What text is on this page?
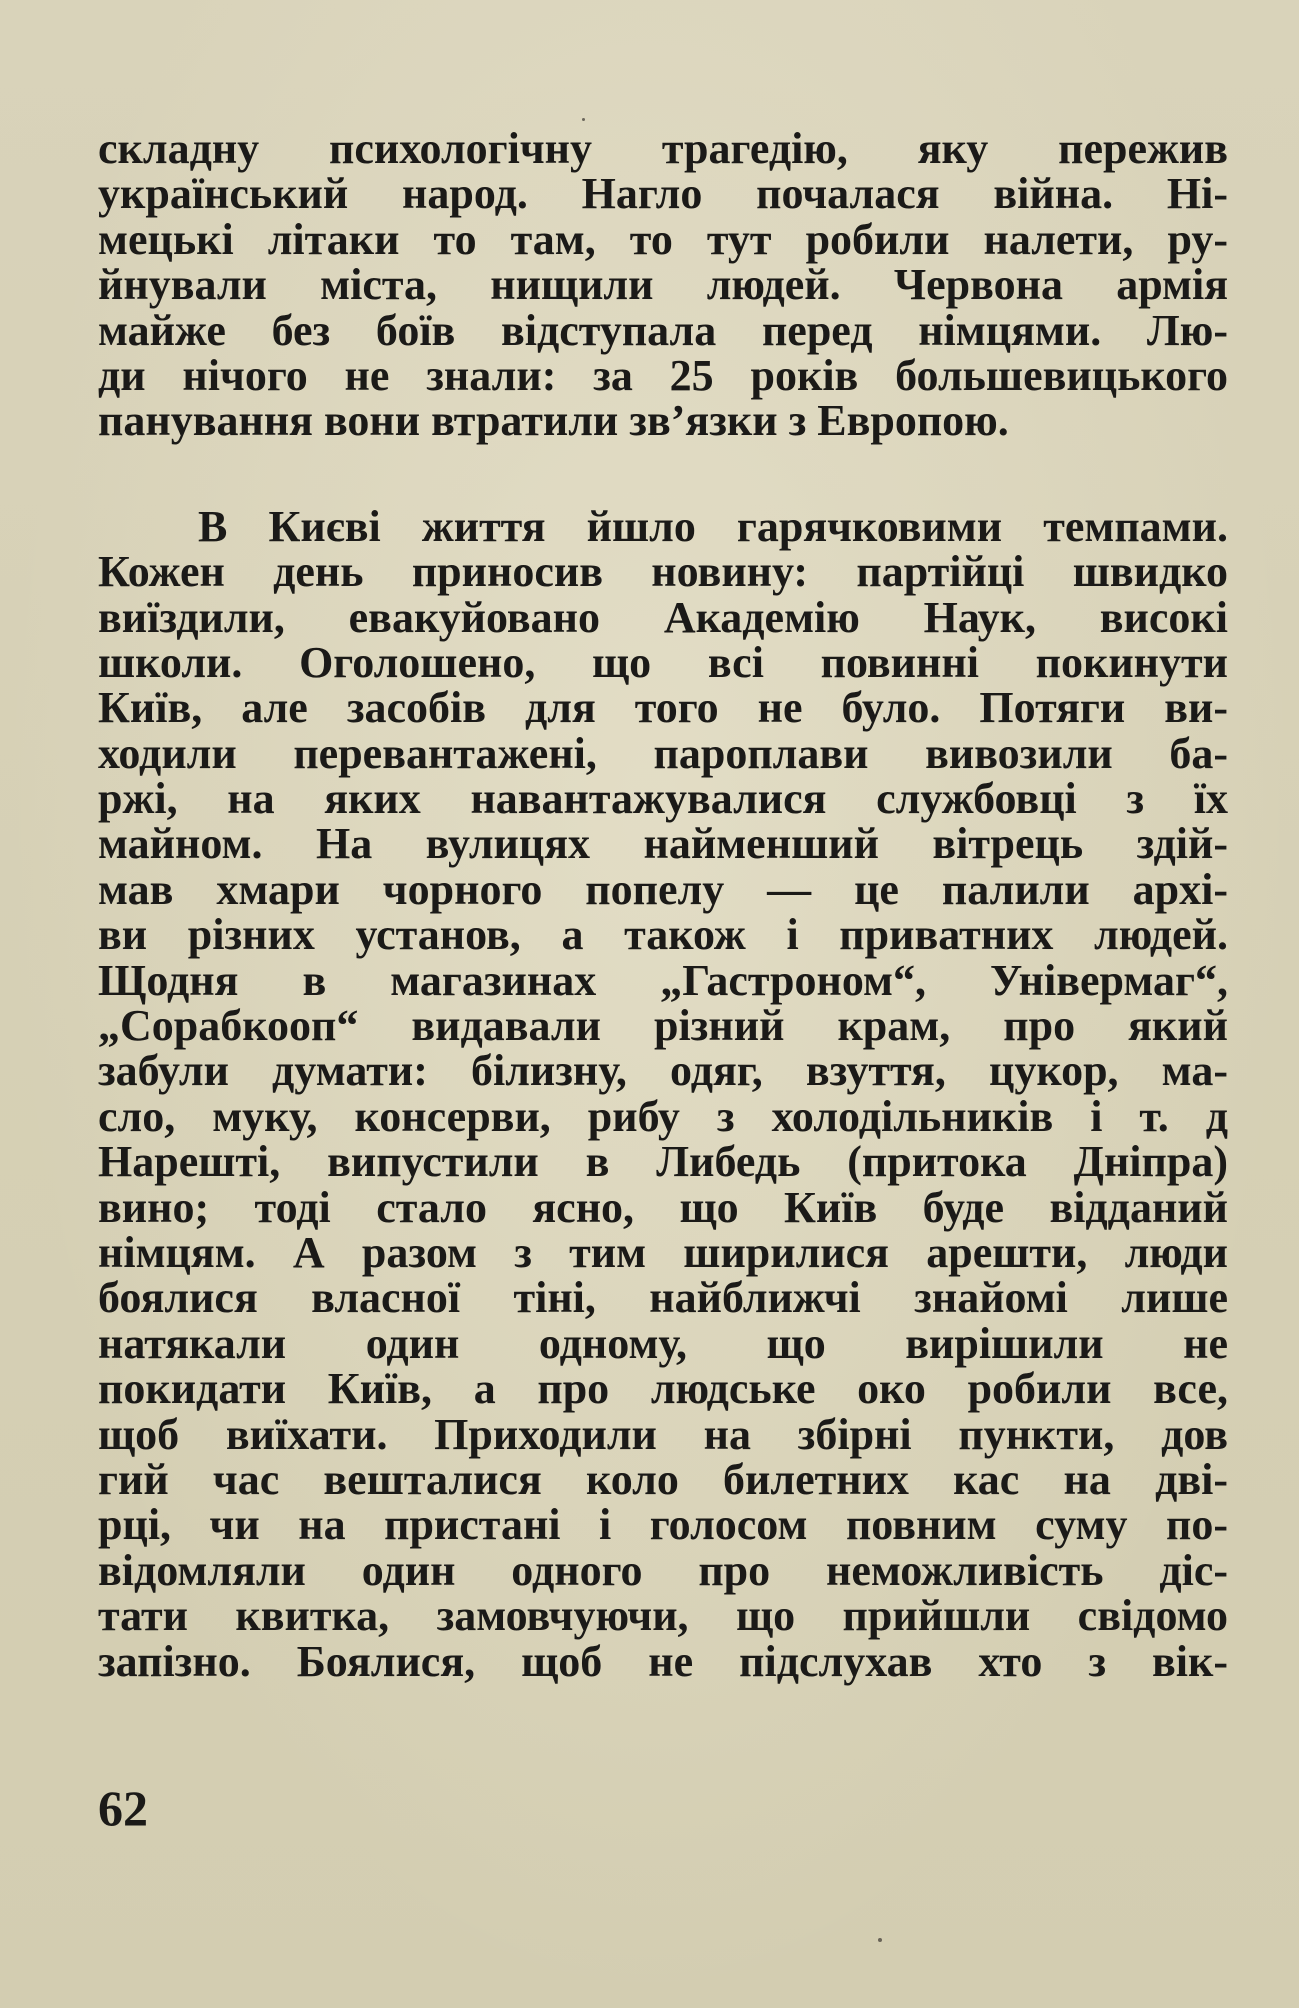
складну психологічну трагедію, яку пережив
український народ. Нагло почалася війна. Ні-
мецькі літаки то там, то тут робили налети, ру-
йнували міста, нищили людей. Червона армія
майже без боїв відступала перед німцями. Лю-
ди нічого не знали: за 25 років большевицького
панування вони втратили зв’язки з Европою.
В Києві життя йшло гарячковими темпами.
Кожен день приносив новину: партійці швидко
виїздили, евакуйовано Академію Наук, високі
школи. Оголошено, що всі повинні покинути
Київ, але засобів для того не було. Потяги ви-
ходили перевантажені, пароплави вивозили ба-
ржі, на яких навантажувалися службовці з їх
майном. На вулицях найменший вітрець здій-
мав хмари чорного попелу — це палили архі-
ви різних установ, а також і приватних людей.
Щодня в магазинах „Гастроном“, Універмаг“,
„Сорабкооп“ видавали різний крам, про який
забули думати: білизну, одяг, взуття, цукор, ма-
сло, муку, консерви, рибу з холодільників і т. д
Нарешті, випустили в Либедь (притока Дніпра)
вино; тоді стало ясно, що Київ буде відданий
німцям. А разом з тим ширилися арешти, люди
боялися власної тіні, найближчі знайомі лише
натякали один одному, що вирішили не
покидати Київ, а про людське око робили все,
щоб виїхати. Приходили на збірні пункти, дов
гий час вешталися коло билетних кас на дві-
рці, чи на пристані і голосом повним суму по-
відомляли один одного про неможливість діс-
тати квитка, замовчуючи, що прийшли свідомо
запізно. Боялися, щоб не підслухав хто з вік-
62
